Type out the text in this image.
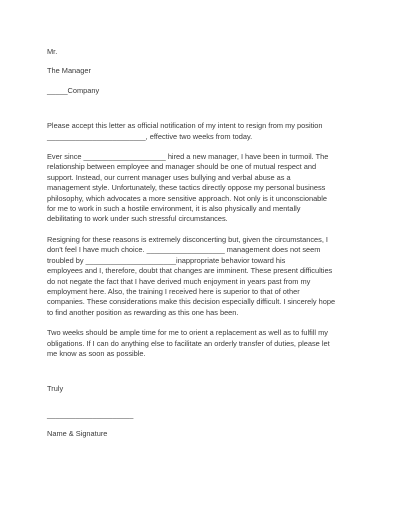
Mr.
The Manager
_____Company
Please accept this letter as official notification of my intent to resign from my position
________________________, effective two weeks from today.
Ever since ____________________ hired a new manager, I have been in turmoil. The
relationship between employee and manager should be one of mutual respect and
support. Instead, our current manager uses bullying and verbal abuse as a
management style. Unfortunately, these tactics directly oppose my personal business
philosophy, which advocates a more sensitive approach. Not only is it unconscionable
for me to work in such a hostile environment, it is also physically and mentally
debilitating to work under such stressful circumstances.
Resigning for these reasons is extremely disconcerting but, given the circumstances, I
don't feel I have much choice. ___________________ management does not seem
troubled by ______________________inappropriate behavior toward his
employees and I, therefore, doubt that changes are imminent. These present difficulties
do not negate the fact that I have derived much enjoyment in years past from my
employment here. Also, the training I received here is superior to that of other
companies. These considerations make this decision especially difficult. I sincerely hope
to find another position as rewarding as this one has been.
Two weeks should be ample time for me to orient a replacement as well as to fulfill my
obligations. If I can do anything else to facilitate an orderly transfer of duties, please let
me know as soon as possible.
Truly
_____________________
Name & Signature
